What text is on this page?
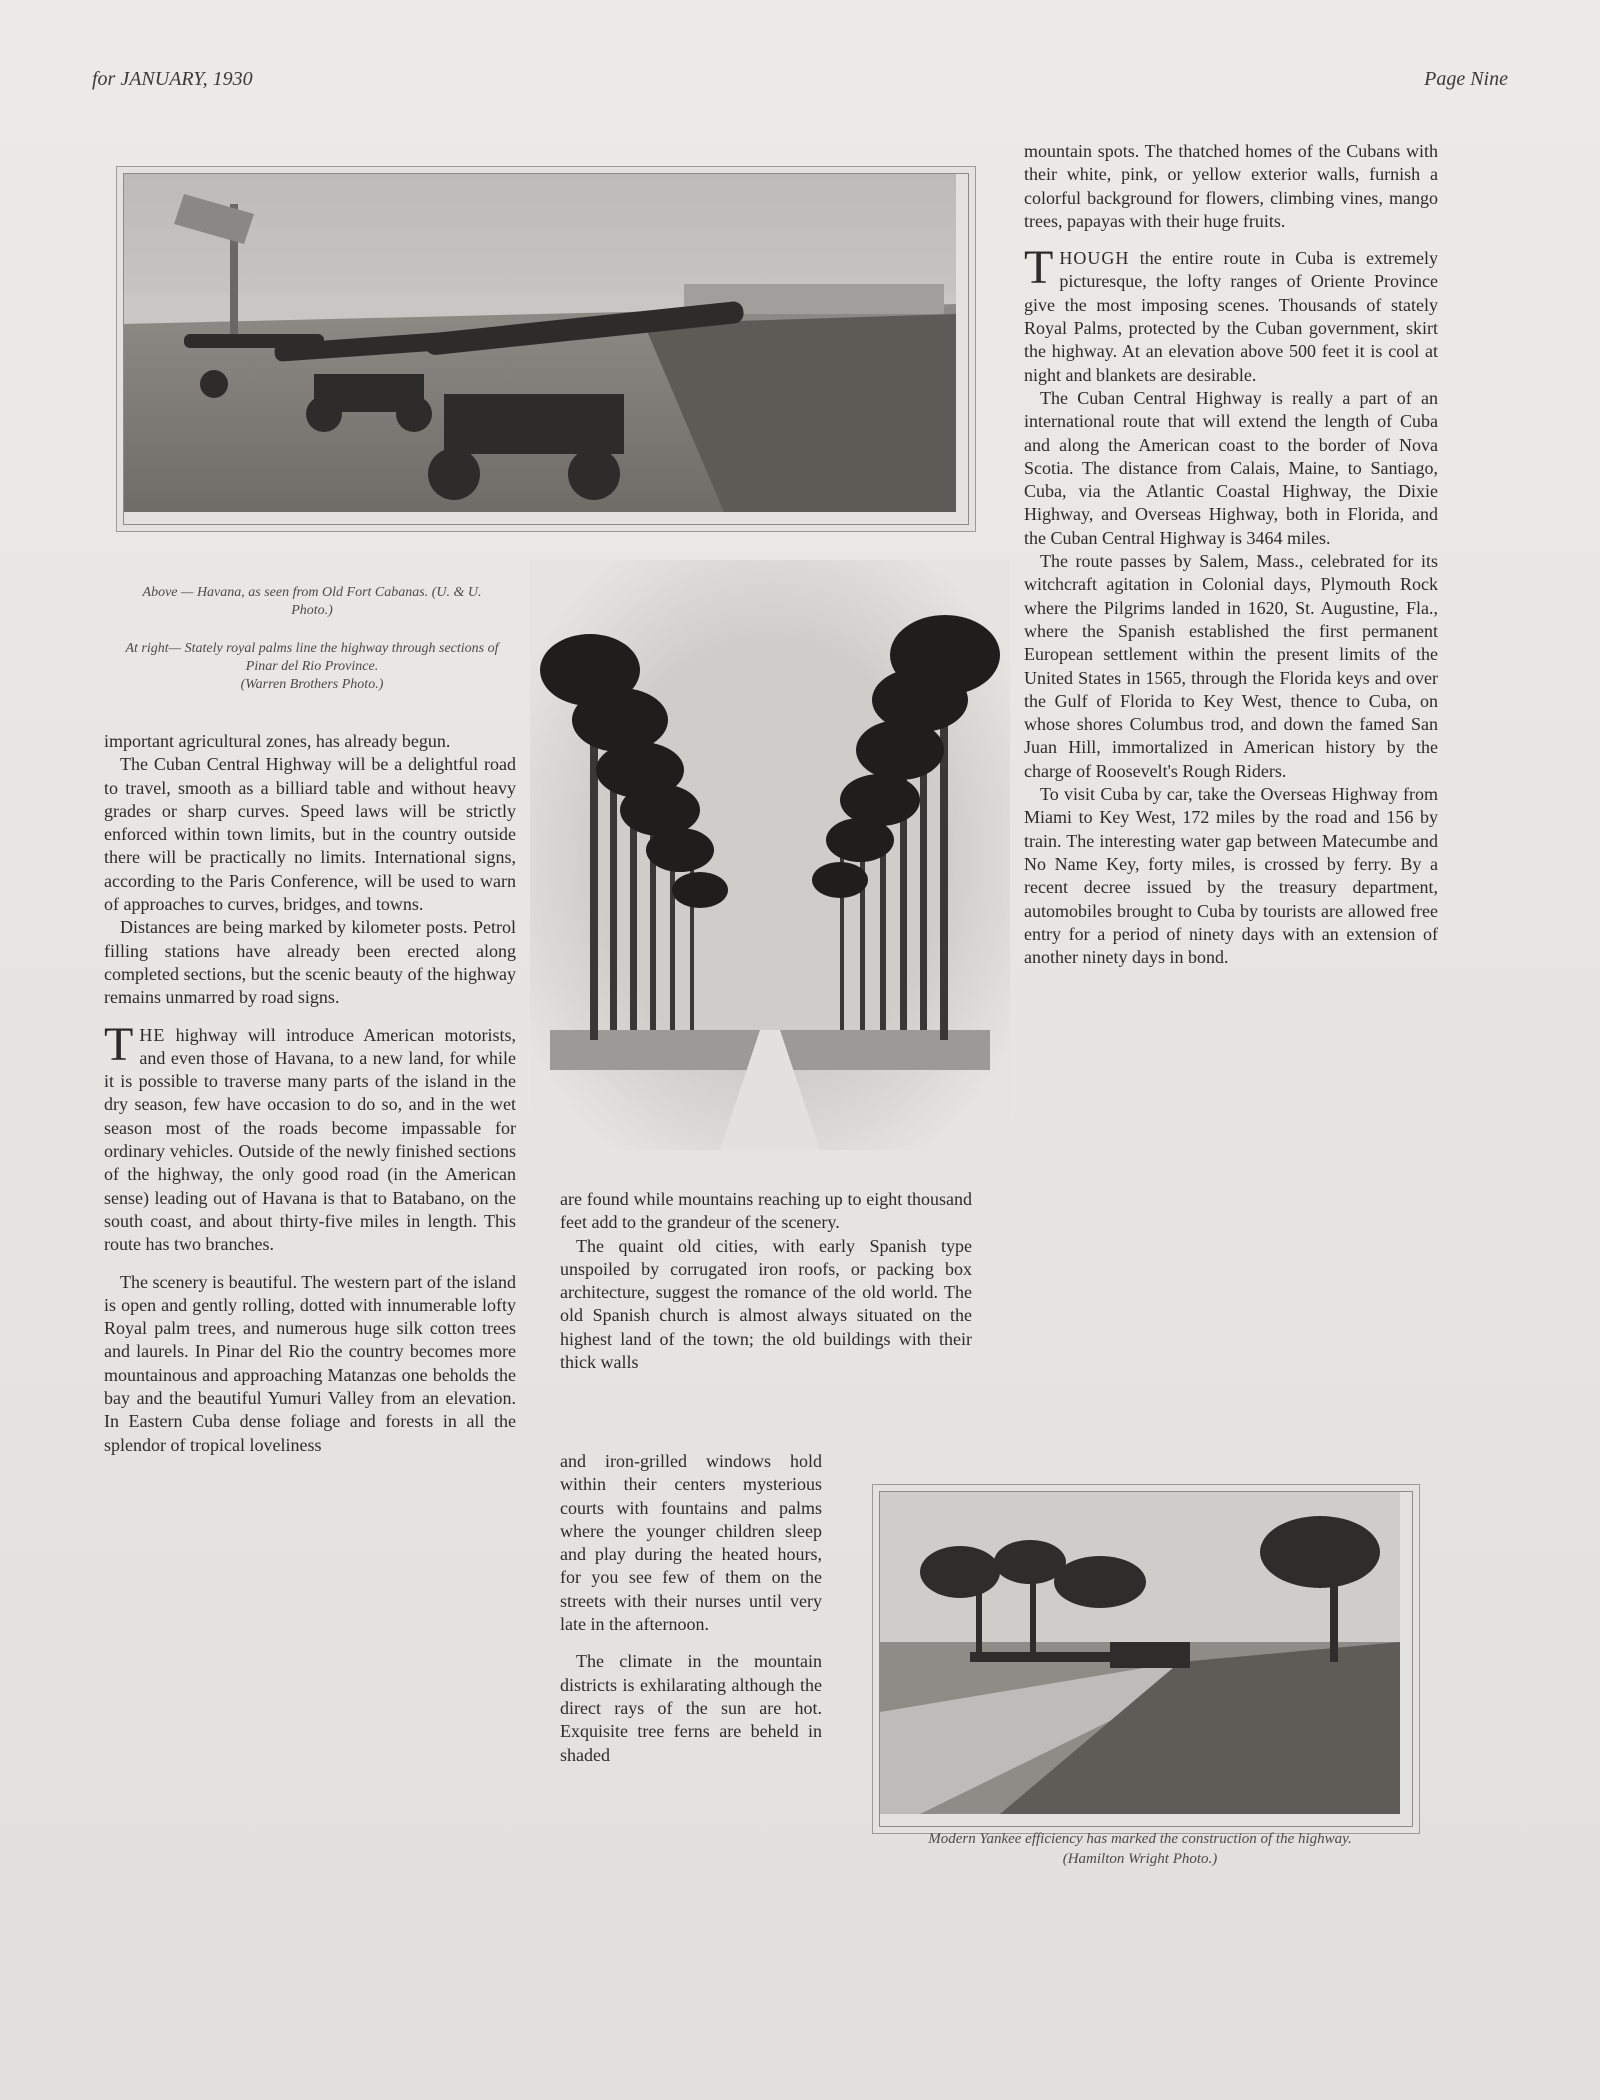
for JANUARY, 1930	Page Nine
Above — Havana, as seen from Old Fort Cabanas. (U. & U. Photo.)
At right— Stately royal palms line the highway through sections of Pinar del Rio Province.
(Warren Brothers Photo.)

important agricultural zones, has already begun.

The Cuban Central Highway will be a delightful road to travel, smooth as a billiard table and without heavy grades or sharp curves. Speed laws will be strictly enforced within town limits, but in the country outside there will be practically no limits. International signs, according to the Paris Conference, will be used to warn of approaches to curves, bridges, and towns.

Distances are being marked by kilometer posts. Petrol filling stations have already been erected along completed sections, but the scenic beauty of the highway remains unmarred by road signs.

THE highway will introduce American motorists, and even those of Havana, to a new land, for while it is possible to traverse many parts of the island in the dry season, few have occasion to do so, and in the wet season most of the roads become impassable for ordinary vehicles. Outside of the newly finished sections of the highway, the only good road (in the American sense) leading out of Havana is that to Batabano, on the south coast, and about thirty-five miles in length. This route has two branches.

The scenery is beautiful. The western part of the island is open and gently rolling, dotted with innumerable lofty Royal palm trees, and numerous huge silk cotton trees and laurels. In Pinar del Rio the country becomes more mountainous and approaching Matanzas one beholds the bay and the beautiful Yumuri Valley from an elevation. In Eastern Cuba dense foliage and forests in all the splendor of tropical loveliness

are found while mountains reaching up to eight thousand feet add to the grandeur of the scenery.

The quaint old cities, with early Spanish type unspoiled by corrugated iron roofs, or packing box architecture, suggest the romance of the old world. The old Spanish church is almost always situated on the highest land of the town; the old buildings with their thick walls

and iron-grilled windows hold within their centers mysterious courts with fountains and palms where the younger children sleep and play during the heated hours, for you see few of them on the streets with their nurses until very late in the afternoon.

The climate in the mountain districts is exhilarating although the direct rays of the sun are hot. Exquisite tree ferns are beheld in shaded

mountain spots. The thatched homes of the Cubans with their white, pink, or yellow exterior walls, furnish a colorful background for flowers, climbing vines, mango trees, papayas with their huge fruits.

THOUGH the entire route in Cuba is extremely picturesque, the lofty ranges of Oriente Province give the most imposing scenes. Thousands of stately Royal Palms, protected by the Cuban government, skirt the highway. At an elevation above 500 feet it is cool at night and blankets are desirable.

The Cuban Central Highway is really a part of an international route that will extend the length of Cuba and along the American coast to the border of Nova Scotia. The distance from Calais, Maine, to Santiago, Cuba, via the Atlantic Coastal Highway, the Dixie Highway, and Overseas Highway, both in Florida, and the Cuban Central Highway is 3464 miles.

The route passes by Salem, Mass., celebrated for its witchcraft agitation in Colonial days, Plymouth Rock where the Pilgrims landed in 1620, St. Augustine, Fla., where the Spanish established the first permanent European settlement within the present limits of the United States in 1565, through the Florida keys and over the Gulf of Florida to Key West, thence to Cuba, on whose shores Columbus trod, and down the famed San Juan Hill, immortalized in American history by the charge of Roosevelt's Rough Riders.

To visit Cuba by car, take the Overseas Highway from Miami to Key West, 172 miles by the road and 156 by train. The interesting water gap between Matecumbe and No Name Key, forty miles, is crossed by ferry. By a recent decree issued by the treasury department, automobiles brought to Cuba by tourists are allowed free entry for a period of ninety days with an extension of another ninety days in bond.

Modern Yankee efficiency has marked the construction of the highway.
(Hamilton Wright Photo.)
